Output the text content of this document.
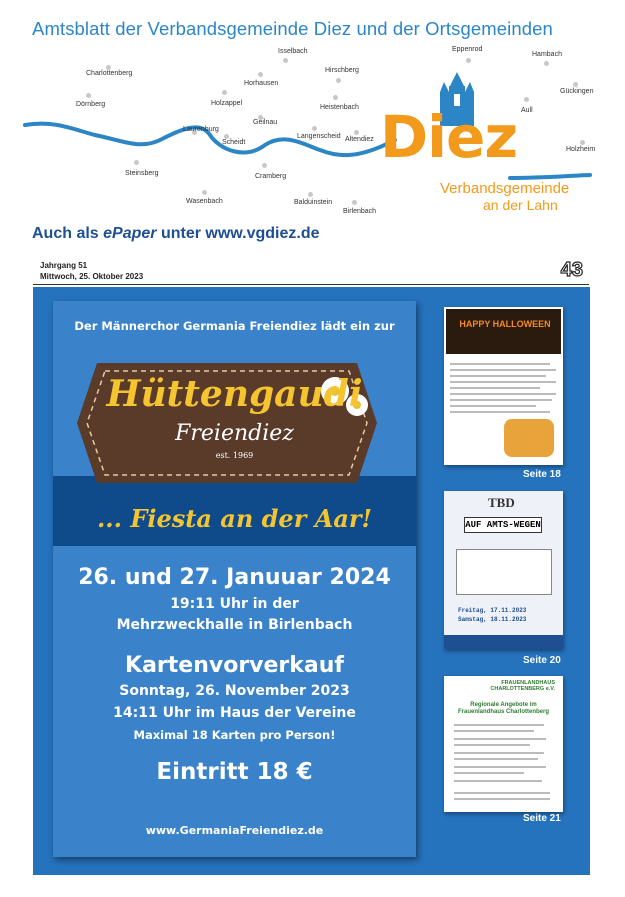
Amtsblatt der Verbandsgemeinde Diez und der Ortsgemeinden
Isselbach	Eppenrod
Hambach
Charlottenberg
Horhausen
Hirschberg
Gückingen
Dörnberg	Holzappel
Heistenbach	Aull
Laurenburg
Geilnau
Langenscheid Altendiez
Holzheim
Scheidt
Steinsberg	Cramberg
Wasenbach	Balduinstein
Birlenbach
Diez
Verbandsgemeinde
an der Lahn
Auch als ePaper unter www.vgdiez.de
Jahrgang 51
Mittwoch, 25. Oktober 2023	43
Der Männerchor Germania Freiendiez lädt ein zur
Hüttengaudi
Freiendiez
est. 1969
... Fiesta an der Aar!
26. und 27. Januuar 2024
19:11 Uhr in der
Mehrzweckhalle in Birlenbach
Kartenvorverkauf
Sonntag, 26. November 2023
14:11 Uhr im Haus der Vereine
Maximal 18 Karten pro Person!
Eintritt 18 €
www.GermaniaFreiendiez.de
HAPPY HALLOWEEN
Seite 18
TBD
AUF AMTS-WEGEN
Freitag, 17.11.2023
Samstag, 18.11.2023
Seite 20
FRAUENLANDHAUS CHARLOTTENBERG e.V.
Regionale Angebote im Frauenlandhaus Charlottenberg
Seite 21
